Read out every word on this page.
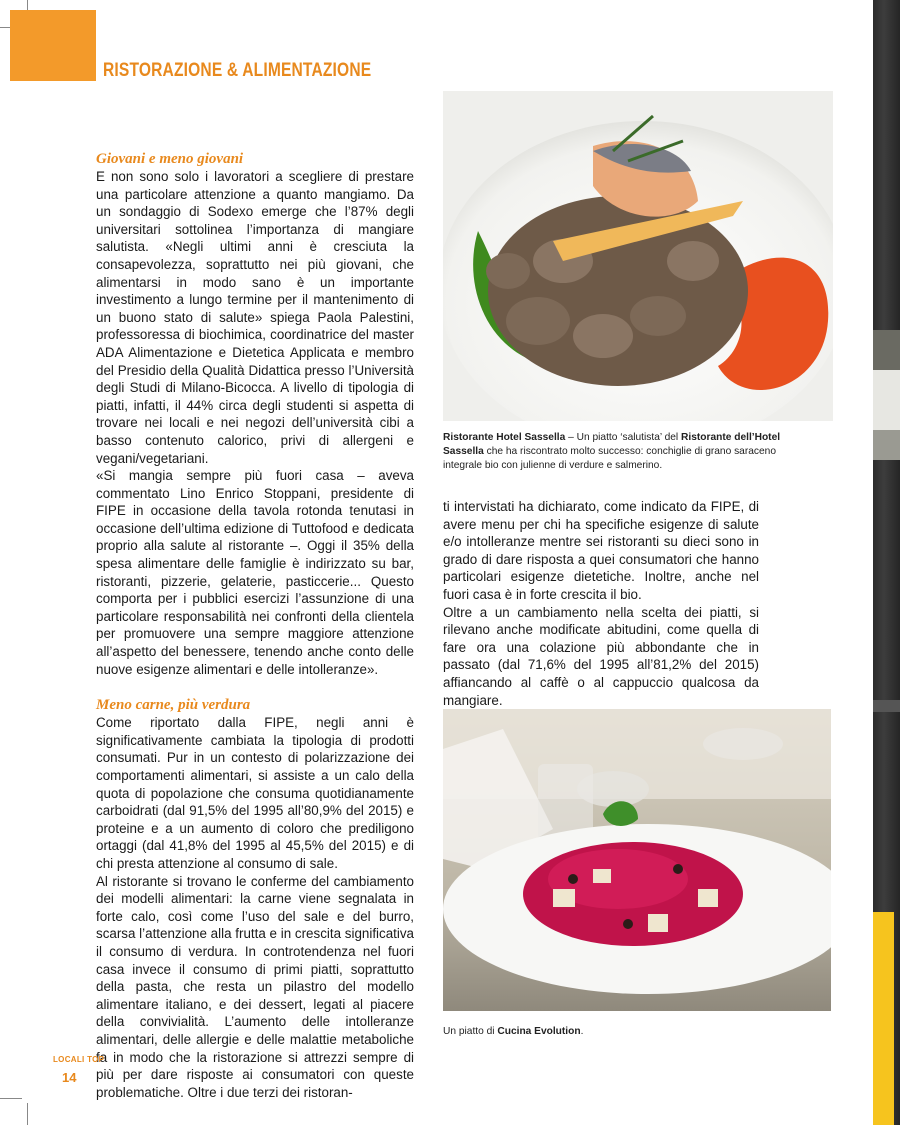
RISTORAZIONE & ALIMENTAZIONE

Giovani e meno giovani

E non sono solo i lavoratori a scegliere di prestare una particolare attenzione a quanto mangiamo. Da un sondaggio di Sodexo emerge che l’87% degli universitari sottolinea l’importanza di mangiare salutista. «Negli ultimi anni è cresciuta la consapevolezza, soprattutto nei più giovani, che alimentarsi in modo sano è un importante investimento a lungo termine per il mantenimento di un buono stato di salute» spiega Paola Palestini, professoressa di biochimica, coordinatrice del master ADA Alimentazione e Dietetica Applicata e membro del Presidio della Qualità Didattica presso l’Università degli Studi di Milano-Bicocca. A livello di tipologia di piatti, infatti, il 44% circa degli studenti si aspetta di trovare nei locali e nei negozi dell’università cibi a basso contenuto calorico, privi di allergeni e vegani/vegetariani.

«Si mangia sempre più fuori casa – aveva commentato Lino Enrico Stoppani, presidente di FIPE in occasione della tavola rotonda tenutasi in occasione dell’ultima edizione di Tuttofood e dedicata proprio alla salute al ristorante –. Oggi il 35% della spesa alimentare delle famiglie è indirizzato su bar, ristoranti, pizzerie, gelaterie, pasticcerie... Questo comporta per i pubblici esercizi l’assunzione di una particolare responsabilità nei confronti della clientela per promuovere una sempre maggiore attenzione all’aspetto del benessere, tenendo anche conto delle nuove esigenze alimentari e delle intolleranze».

Meno carne, più verdura

Come riportato dalla FIPE, negli anni è significativamente cambiata la tipologia di prodotti consumati. Pur in un contesto di polarizzazione dei comportamenti alimentari, si assiste a un calo della quota di popolazione che consuma quotidianamente carboidrati (dal 91,5% del 1995 all’80,9% del 2015) e proteine e a un aumento di coloro che prediligono ortaggi (dal 41,8% del 1995 al 45,5% del 2015) e di chi presta attenzione al consumo di sale.

Al ristorante si trovano le conferme del cambiamento dei modelli alimentari: la carne viene segnalata in forte calo, così come l’uso del sale e del burro, scarsa l’attenzione alla frutta e in crescita significativa il consumo di verdura. In controtendenza nel fuori casa invece il consumo di primi piatti, soprattutto della pasta, che resta un pilastro del modello alimentare italiano, e dei dessert, legati al piacere della convivialità. L’aumento delle intolleranze alimentari, delle allergie e delle malattie metaboliche fa in modo che la ristorazione si attrezzi sempre di più per dare risposte ai consumatori con queste problematiche. Oltre i due terzi dei ristoran-

Ristorante Hotel Sassella – Un piatto ‘salutista’ del Ristorante dell’Hotel Sassella che ha riscontrato molto successo: conchiglie di grano saraceno integrale bio con julienne di verdure e salmerino.

ti intervistati ha dichiarato, come indicato da FIPE, di avere menu per chi ha specifiche esigenze di salute e/o intolleranze mentre sei ristoranti su dieci sono in grado di dare risposta a quei consumatori che hanno particolari esigenze dietetiche. Inoltre, anche nel fuori casa è in forte crescita il bio.

Oltre a un cambiamento nella scelta dei piatti, si rilevano anche modificate abitudini, come quella di fare ora una colazione più abbondante che in passato (dal 71,6% del 1995 all’81,2% del 2015) affiancando al caffè o al cappuccio qualcosa da mangiare.

Un piatto di Cucina Evolution.
LOCALI TOP
14
